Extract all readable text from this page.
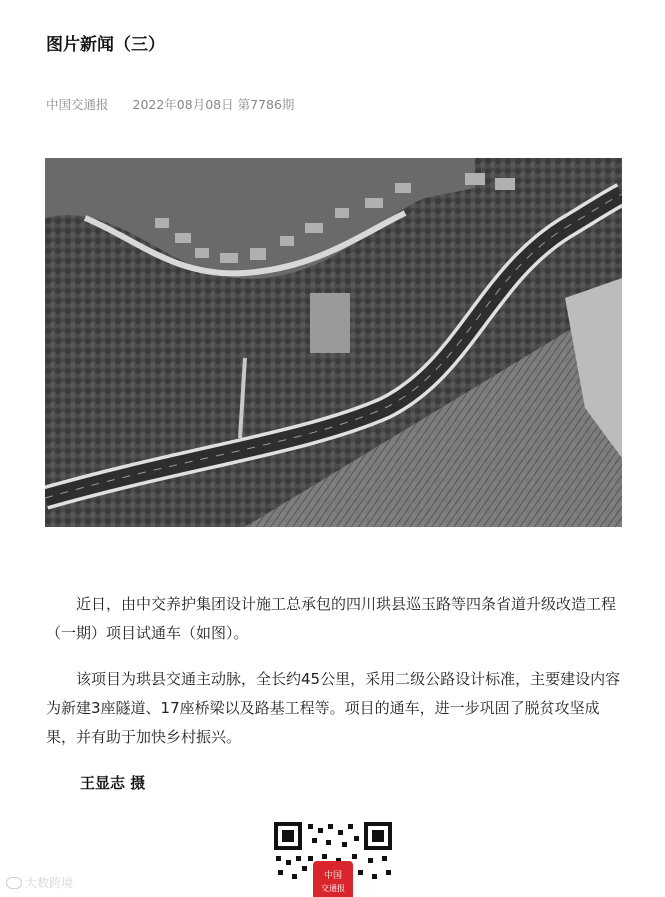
图片新闻（三）
中国交通报 2022年08月08日 第7786期

近日，由中交养护集团设计施工总承包的四川珙县巡玉路等四条省道升级改造工程（一期）项目试通车（如图）。

该项目为珙县交通主动脉，全长约45公里，采用二级公路设计标准，主要建设内容为新建3座隧道、17座桥梁以及路基工程等。项目的通车，进一步巩固了脱贫攻坚成果，并有助于加快乡村振兴。

王显志 摄
中国
交通报
大数跨境
